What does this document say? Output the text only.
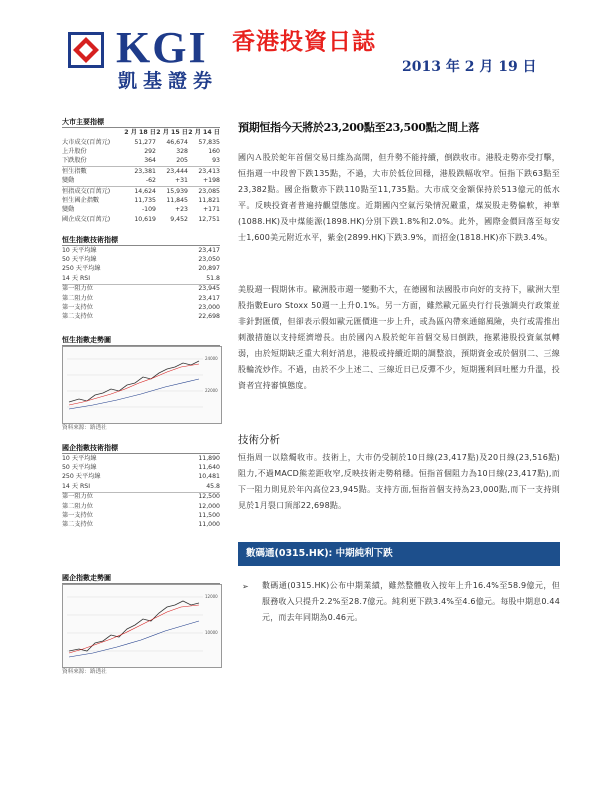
KGI
凱基證券
香港投資日誌
2013 年 2 月 19 日
大市主要指標
2 月 18 日 2 月 15 日 2 月 14 日
大市成交(百萬元)	51,277	46,674	57,835
上升股份	292	328	160
下跌股份	364	205	93
恒生指數	23,381	23,444	23,413
變動	-62	+31	+198
恒指成交(百萬元)	14,624	15,939	23,085
恒生國企指數	11,735	11,845	11,821
變動	-109	+23	+171
國企成交(百萬元)	10,619	9,452	12,751
恒生指數技術指標
10 天平均線	23,417
50 天平均線	23,050
250 天平均線	20,897
14 天 RSI	51.8
第一阻力位	23,945
第二阻力位	23,417
第一支持位	23,000
第二支持位	22,698
恒生指數走勢圖
24000
22000
資料來源：路透社
國企指數技術指標
10 天平均線	11,890
50 天平均線	11,640
250 天平均線	10,481
14 天 RSI	45.8
第一阻力位	12,500
第二阻力位	12,000
第一支持位	11,500
第二支持位	11,000
國企指數走勢圖
12000
10000
資料來源：路透社
預期恒指今天將於23,200點至23,500點之間上落
國內Ａ股於蛇年首個交易日維為高開，但升勢不能持續，倒跌收市。港股走勢亦受打擊，恒指週一中段曾下跌135點，不過，大市於低位回穩，港股跌幅收窄。恒指下跌63點至23,382點。國企指數亦下跌110點至11,735點。大市成交金額保持於513億元的低水平。反映投資者普遍持觀望態度。近期國內空氣污染情況嚴重，煤炭股走勢偏軟，神華(1088.HK)及中煤能源(1898.HK)分別下跌1.8%和2.0%。此外，國際金價回落至每安士1,600美元附近水平，紫金(2899.HK)下跌3.9%，而招金(1818.HK)亦下跌3.4%。
美股週一假期休市。歐洲股市週一變動不大，在德國和法國股市向好的支持下，歐洲大型股指數Euro Stoxx 50週一上升0.1%。另一方面，雖然歐元區央行行長強調央行政策並非針對匯價，但卻表示假如歐元匯價進一步上升，或為區內帶來通縮風險，央行或需推出刺激措施以支持經濟增長。由於國內Ａ股於蛇年首個交易日倒跌，拖累港股投資氣氛轉弱，由於短期缺乏重大利好消息，港股或持續近期的調整浪，預期資金或於個別二、三線股輪流炒作。不過，由於不少上述二、三線近日已反彈不少，短期獲利回吐壓力升溫，投資者宜持審慎態度。
技術分析
恒指周一以陰燭收市。技術上，大市仍受制於10日線(23,417點)及20日線(23,516點)阻力,不過MACD熊差距收窄,反映技術走勢稍穩。恒指首個阻力為10日線(23,417點),而下一阻力則見於年內高位23,945點。支持方面,恒指首個支持為23,000點,而下一支持則見於1月裂口頂部22,698點。
數碼通(0315.HK): 中期純利下跌
➢ 數碼通(0315.HK)公布中期業績，雖然整體收入按年上升16.4%至58.9億元，但服務收入只提升2.2%至28.7億元。純利更下跌3.4%至4.6億元。每股中期息0.44元，而去年同期為0.46元。
